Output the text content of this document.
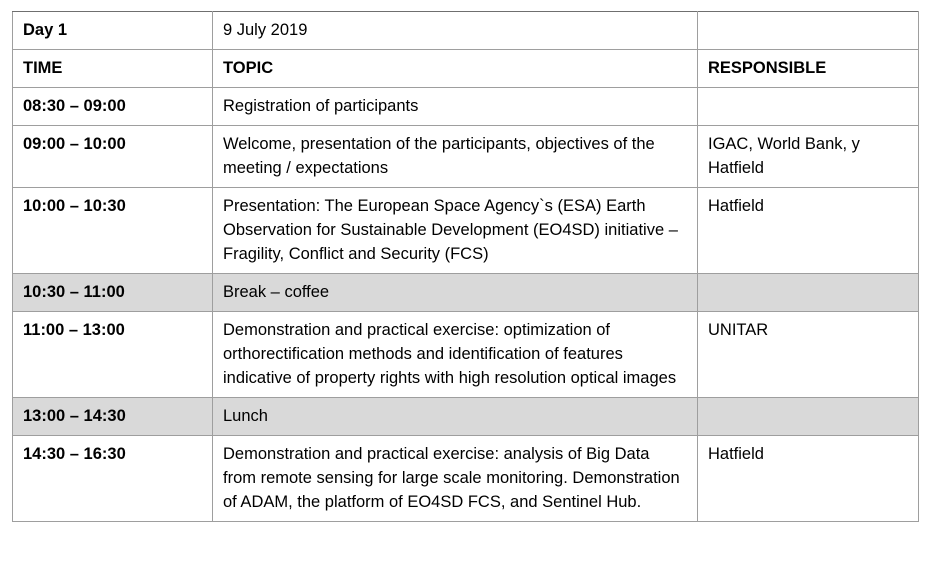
Day 1	9 July 2019	
TIME	TOPIC	RESPONSIBLE
08:30 – 09:00	Registration of participants	
09:00 – 10:00	Welcome, presentation of the participants, objectives of the meeting / expectations	IGAC, World Bank, y Hatfield
10:00 – 10:30	Presentation: The European Space Agency`s (ESA) Earth Observation for Sustainable Development (EO4SD) initiative – Fragility, Conflict and Security (FCS)	Hatfield
10:30 – 11:00	Break – coffee	
11:00 – 13:00	Demonstration and practical exercise: optimization of orthorectification methods and identification of features indicative of property rights with high resolution optical images	UNITAR
13:00 – 14:30	Lunch	
14:30 – 16:30	Demonstration and practical exercise: analysis of Big Data from remote sensing for large scale monitoring. Demonstration of ADAM, the platform of EO4SD FCS, and Sentinel Hub.	Hatfield
